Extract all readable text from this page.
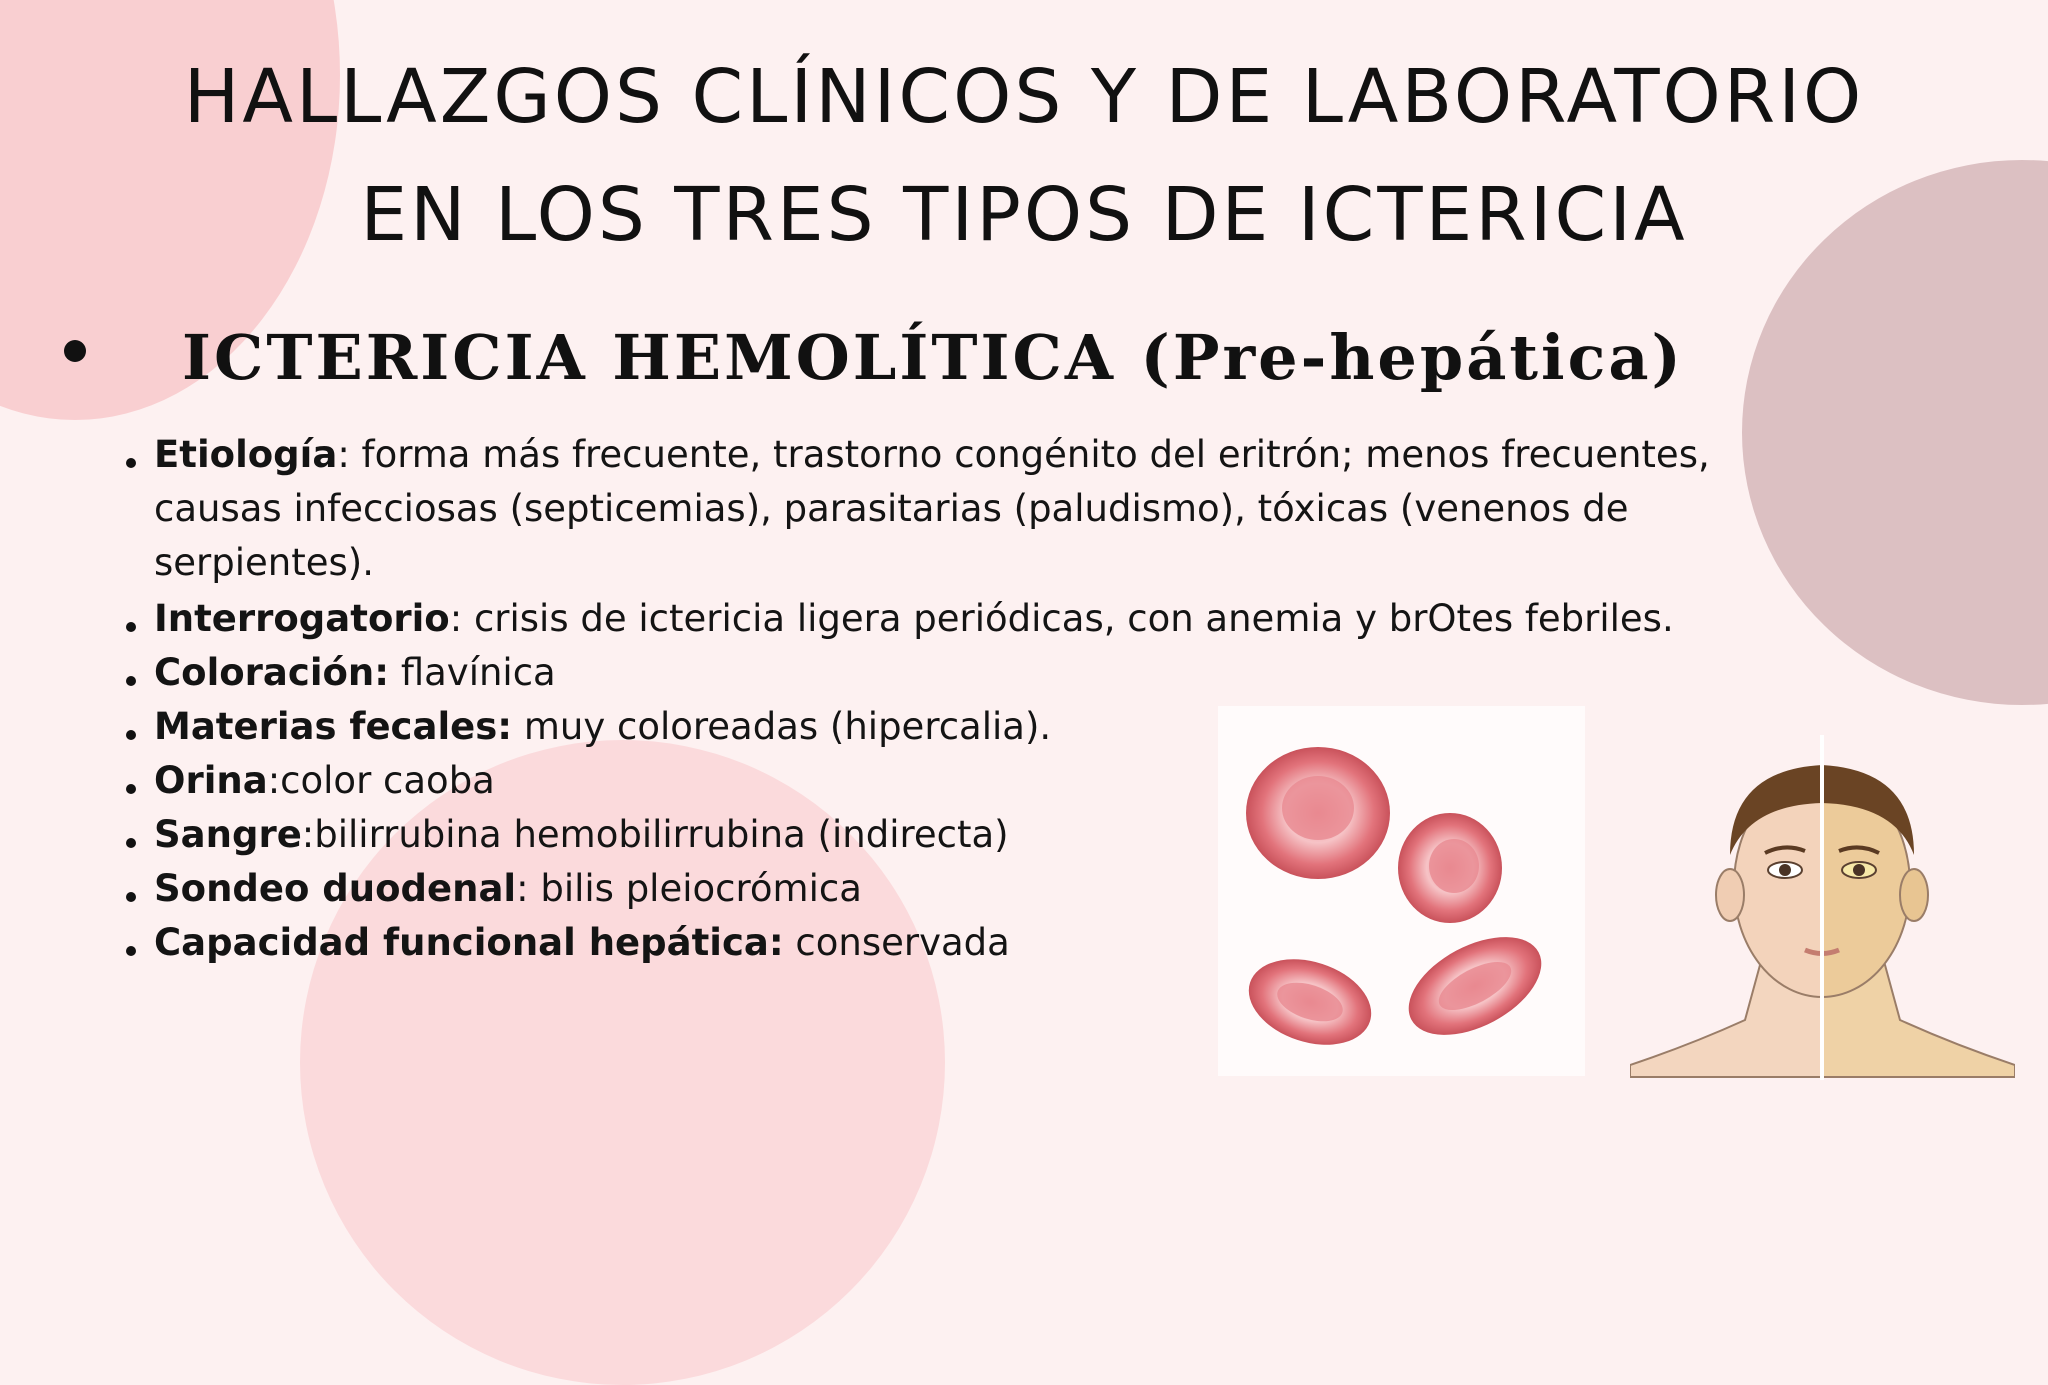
HALLAZGOS CLÍNICOS Y DE LABORATORIO
EN LOS TRES TIPOS DE ICTERICIA
ICTERICIA HEMOLÍTICA (Pre-hepática)
Etiología: forma más frecuente, trastorno congénito del eritrón; menos frecuentes, causas infecciosas (septicemias), parasitarias (paludismo), tóxicas (venenos de serpientes).
Interrogatorio: crisis de ictericia ligera periódicas, con anemia y brOtes febriles.
Coloración: flavínica
Materias fecales: muy coloreadas (hipercalia).
Orina:color caoba
Sangre:bilirrubina hemobilirrubina (indirecta)
Sondeo duodenal: bilis pleiocrómica
Capacidad funcional hepática: conservada
